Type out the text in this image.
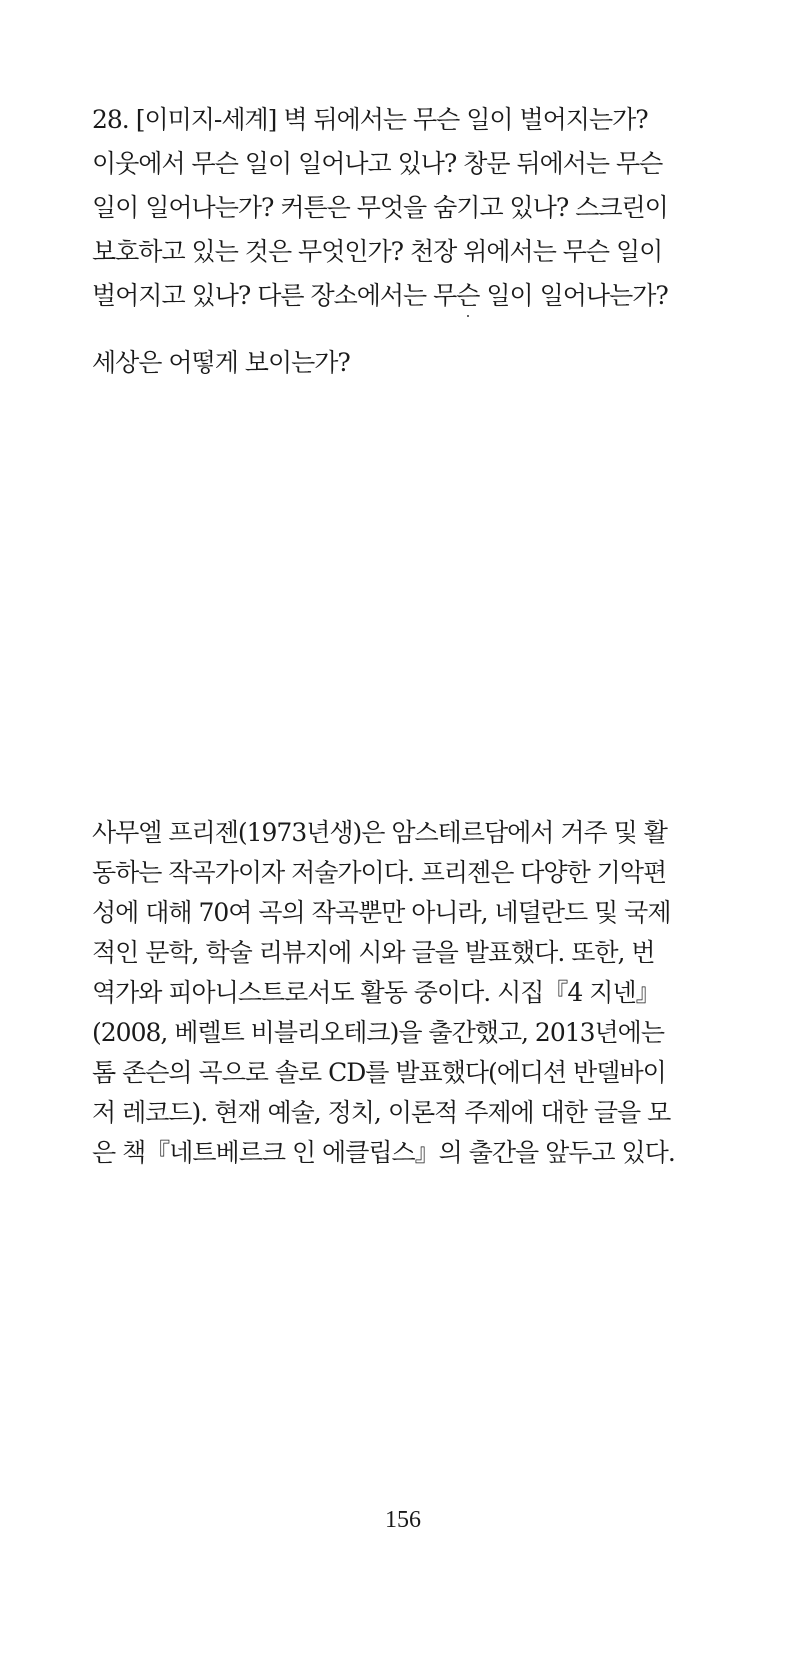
28. [이미지-세계] 벽 뒤에서는 무슨 일이 벌어지는가?
이웃에서 무슨 일이 일어나고 있나? 창문 뒤에서는 무슨
일이 일어나는가? 커튼은 무엇을 숨기고 있나? 스크린이
보호하고 있는 것은 무엇인가? 천장 위에서는 무슨 일이
벌어지고 있나? 다른 장소에서는 무슨 일이 일어나는가?
세상은 어떻게 보이는가?
사무엘 프리젠(1973년생)은 암스테르담에서 거주 및 활
동하는 작곡가이자 저술가이다. 프리젠은 다양한 기악편
성에 대해 70여 곡의 작곡뿐만 아니라, 네덜란드 및 국제
적인 문학, 학술 리뷰지에 시와 글을 발표했다. 또한, 번
역가와 피아니스트로서도 활동 중이다. 시집『4 지넨』
(2008, 베렐트 비블리오테크)을 출간했고, 2013년에는
톰 존슨의 곡으로 솔로 CD를 발표했다(에디션 반델바이
저 레코드). 현재 예술, 정치, 이론적 주제에 대한 글을 모
은 책『네트베르크 인 에클립스』의 출간을 앞두고 있다.
156
